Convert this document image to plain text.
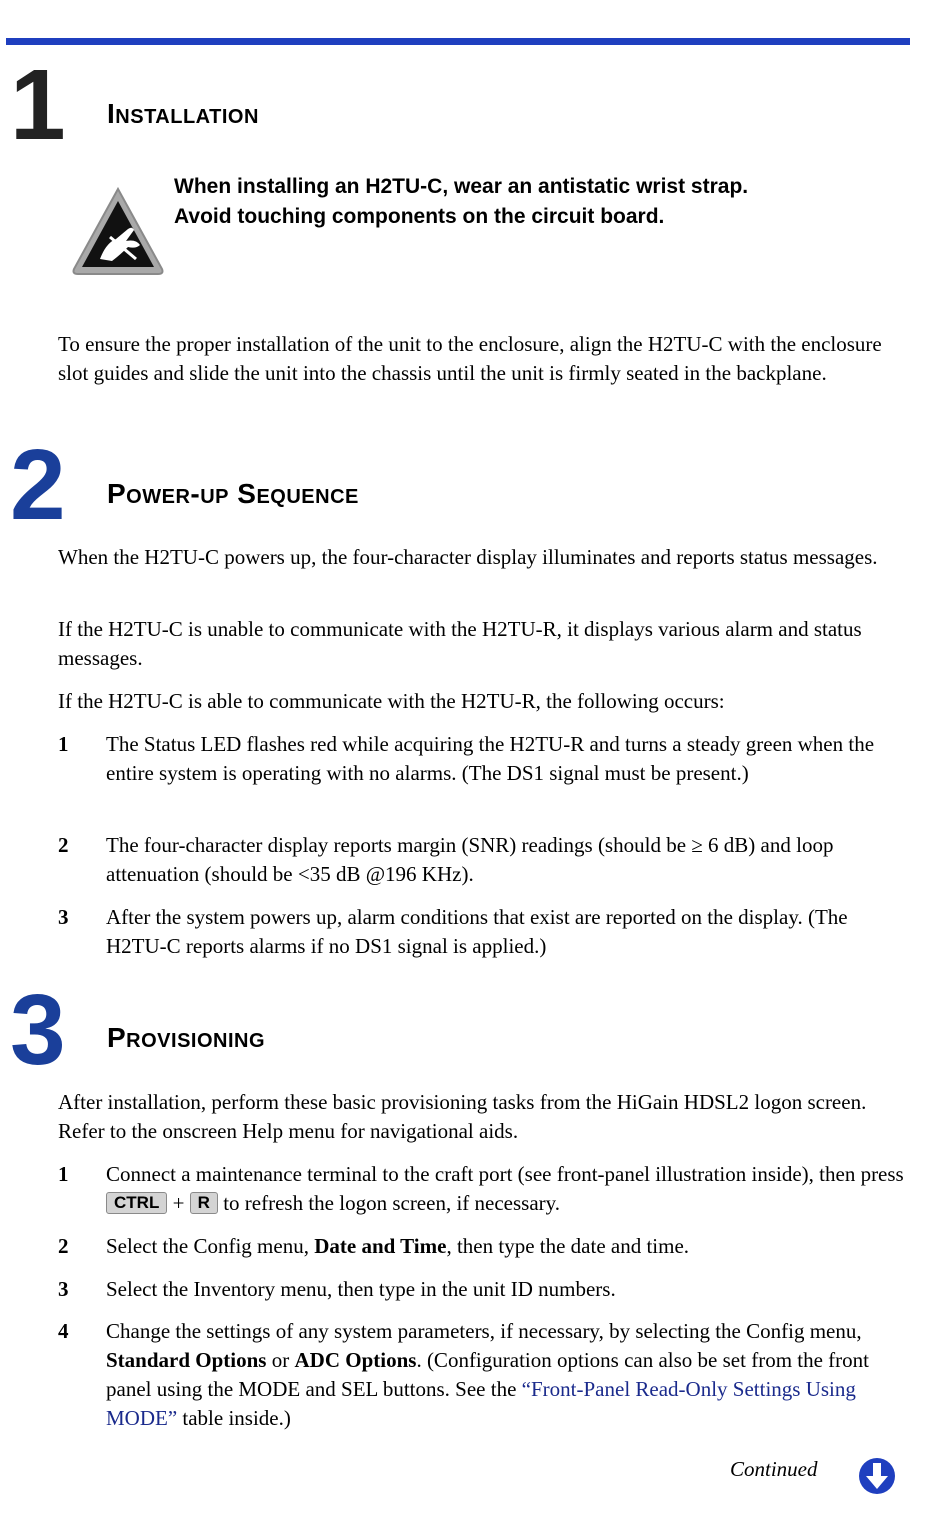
1 Installation
When installing an H2TU-C, wear an antistatic wrist strap.
Avoid touching components on the circuit board.

To ensure the proper installation of the unit to the enclosure, align the H2TU-C with the enclosure slot guides and slide the unit into the chassis until the unit is firmly seated in the backplane.

2 Power-up Sequence

When the H2TU-C powers up, the four-character display illuminates and reports status messages.

If the H2TU-C is unable to communicate with the H2TU-R, it displays various alarm and status messages.

If the H2TU-C is able to communicate with the H2TU-R, the following occurs:

1	The Status LED flashes red while acquiring the H2TU-R and turns a steady green when the entire system is operating with no alarms. (The DS1 signal must be present.)
2	The four-character display reports margin (SNR) readings (should be ≥ 6 dB) and loop attenuation (should be <35 dB @196 KHz).
3	After the system powers up, alarm conditions that exist are reported on the display. (The H2TU-C reports alarms if no DS1 signal is applied.)
3 Provisioning

After installation, perform these basic provisioning tasks from the HiGain HDSL2 logon screen. Refer to the onscreen Help menu for navigational aids.

1	Connect a maintenance terminal to the craft port (see front-panel illustration inside), then press CTRL + R to refresh the logon screen, if necessary.
2	Select the Config menu, Date and Time, then type the date and time.
3	Select the Inventory menu, then type in the unit ID numbers.
4	Change the settings of any system parameters, if necessary, by selecting the Config menu, Standard Options or ADC Options. (Configuration options can also be set from the front panel using the MODE and SEL buttons. See the “Front-Panel Read-Only Settings Using MODE” table inside.)
Continued
